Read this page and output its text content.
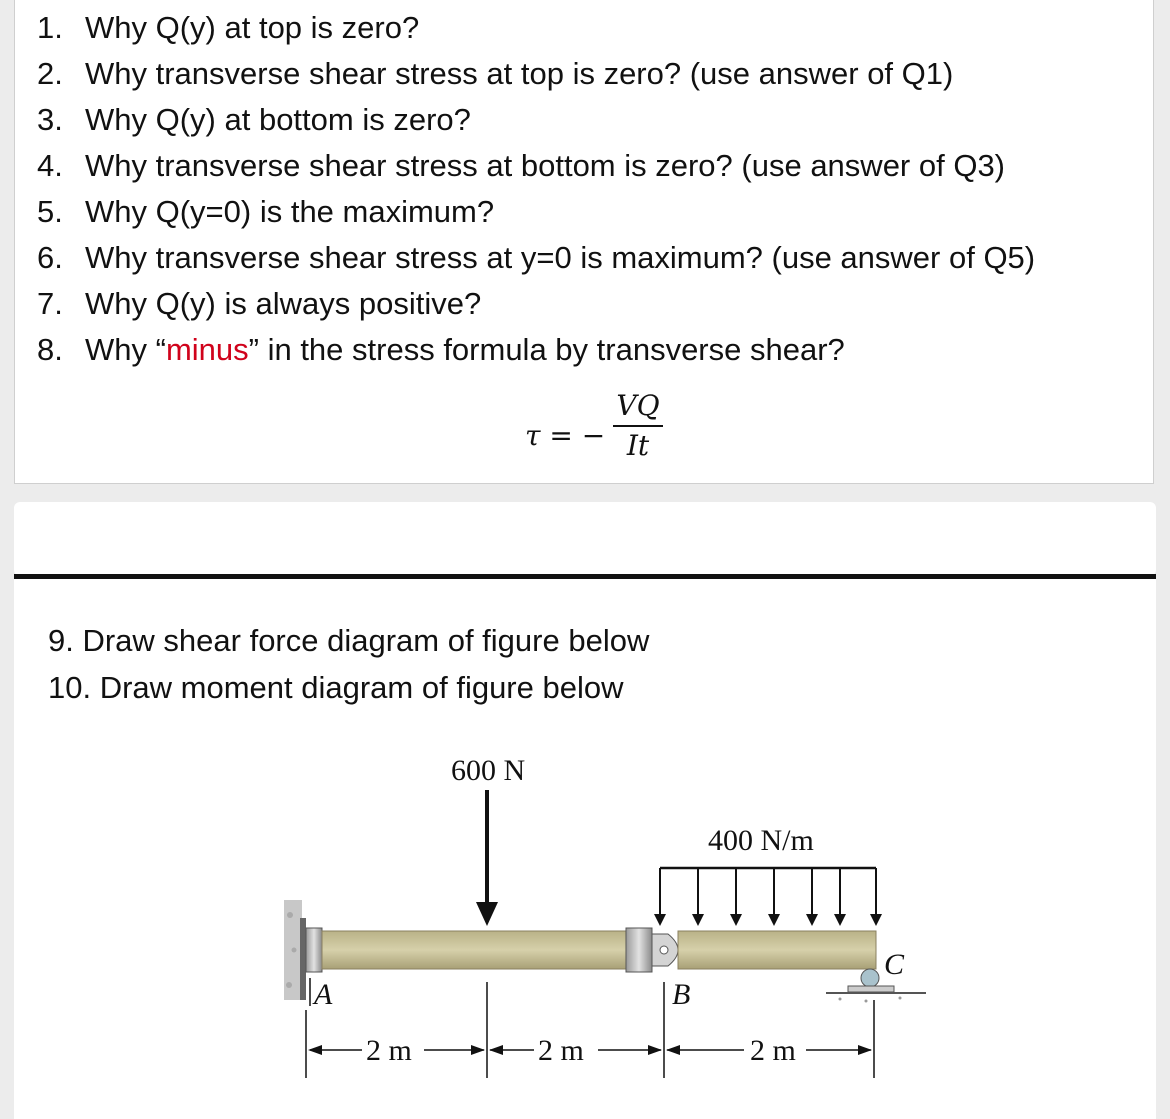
1. Why Q(y) at top is zero?
2. Why transverse shear stress at top is zero? (use answer of Q1)
3. Why Q(y) at bottom is zero?
4. Why transverse shear stress at bottom is zero? (use answer of Q3)
5. Why Q(y=0) is the maximum?
6. Why transverse shear stress at y=0 is maximum? (use answer of Q5)
7. Why Q(y) is always positive?
8. Why “minus” in the stress formula by transverse shear?
τ = −
VQ
It
9. Draw shear force diagram of figure below
10. Draw moment diagram of figure below
600 N
400 N/m
A	B
C
2 m	2 m	2 m
